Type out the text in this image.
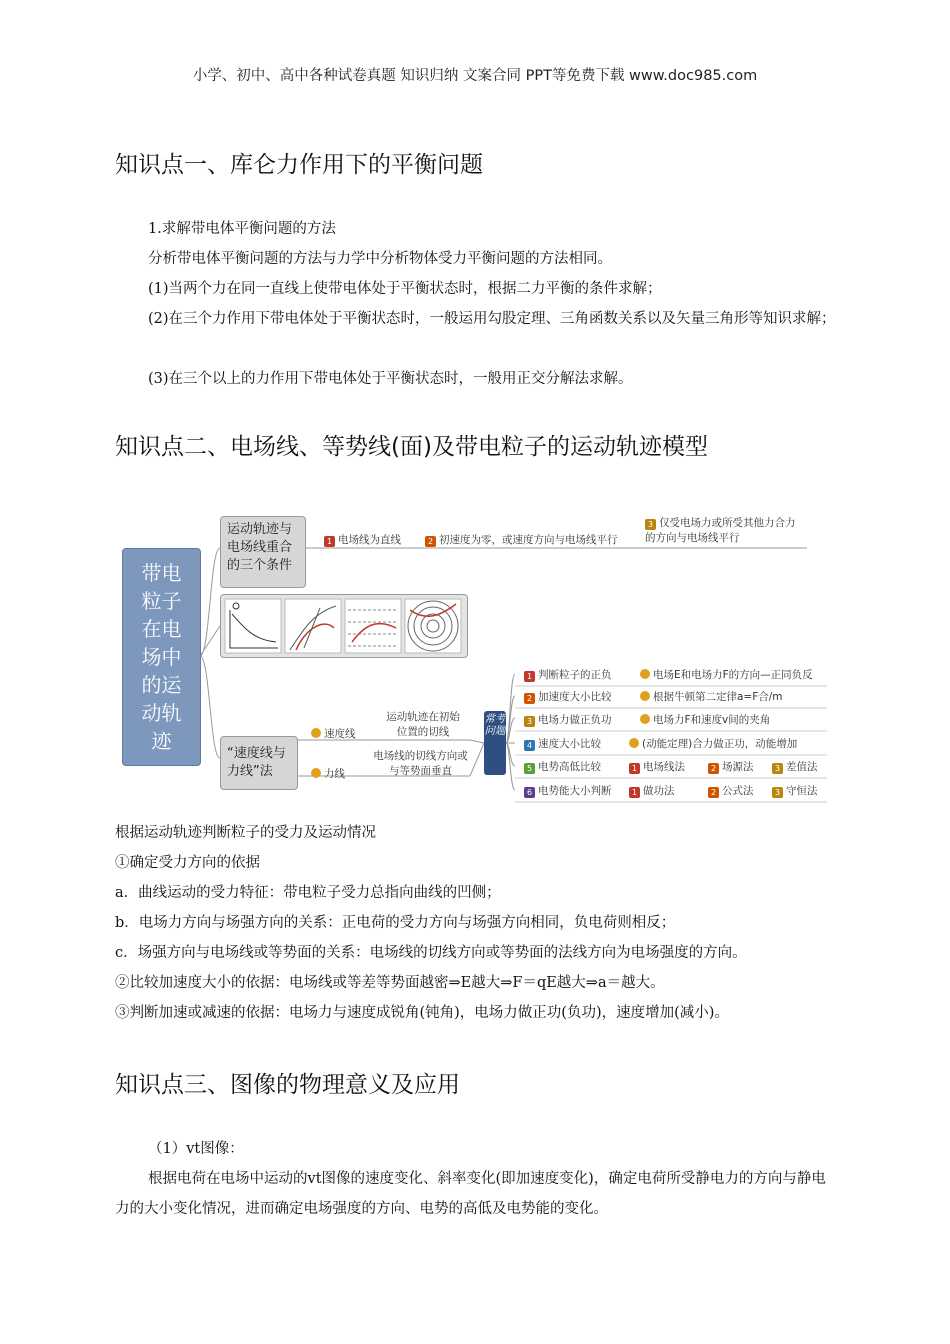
小学、初中、高中各种试卷真题 知识归纳 文案合同 PPT等免费下载 www.doc985.com
知识点一、库仑力作用下的平衡问题

1.求解带电体平衡问题的方法

分析带电体平衡问题的方法与力学中分析物体受力平衡问题的方法相同。

(1)当两个力在同一直线上使带电体处于平衡状态时，根据二力平衡的条件求解；

(2)在三个力作用下带电体处于平衡状态时，一般运用勾股定理、三角函数关系以及矢量三角形等知识求解；

(3)在三个以上的力作用下带电体处于平衡状态时，一般用正交分解法求解。

知识点二、电场线、等势线(面)及带电粒子的运动轨迹模型
带电粒子在电场中的运动轨迹
运动轨迹与电场线重合的三个条件
1 电场线为直线	2 初速度为零，或速度方向与电场线平行
3 仅受电场力或所受其他力合力的方向与电场线平行
“速度线与力线”法
速度线
运动轨迹在初始位置的切线
力线
电场线的切线方向或与等势面垂直
常考问题
1 判断粒子的正负	电场E和电场力F的方向—正同负反
2 加速度大小比较	根据牛顿第二定律a=F合/m
3 电场力做正负功	电场力F和速度v间的夹角
4 速度大小比较	(动能定理)合力做正功，动能增加
5 电势高低比较	1 电场线法	2 场源法	3 差值法
6 电势能大小判断	1 做功法	2 公式法	3 守恒法

根据运动轨迹判断粒子的受力及运动情况

①确定受力方向的依据

a．曲线运动的受力特征：带电粒子受力总指向曲线的凹侧；

b．电场力方向与场强方向的关系：正电荷的受力方向与场强方向相同，负电荷则相反；

c．场强方向与电场线或等势面的关系：电场线的切线方向或等势面的法线方向为电场强度的方向。

②比较加速度大小的依据：电场线或等差等势面越密⇒E越大⇒F＝qE越大⇒a＝越大。

③判断加速或减速的依据：电场力与速度成锐角(钝角)，电场力做正功(负功)，速度增加(减小)。

知识点三、图像的物理意义及应用

（1）vt图像：

根据电荷在电场中运动的vt图像的速度变化、斜率变化(即加速度变化)，确定电荷所受静电力的方向与静电力的大小变化情况，进而确定电场强度的方向、电势的高低及电势能的变化。
